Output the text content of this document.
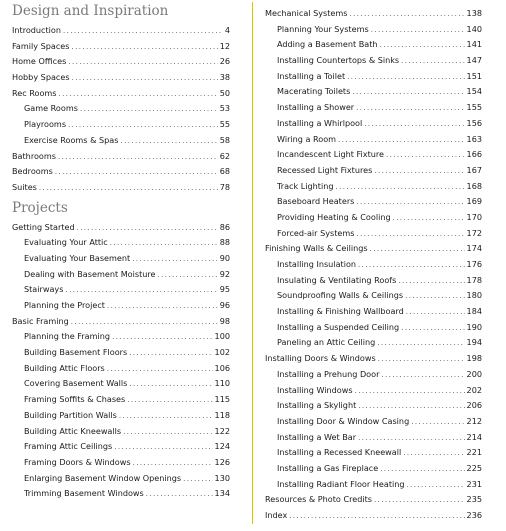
Design and Inspiration
Introduction .....	4
Family Spaces .....	12
Home Offices .....	26
Hobby Spaces .....	38
Rec Rooms .....	50
Game Rooms .....	53
Playrooms .....	55
Exercise Rooms & Spas .....	58
Bathrooms .....	62
Bedrooms .....	68
Suites .....	78
Projects
Getting Started .....	86
Evaluating Your Attic .....	88
Evaluating Your Basement .....	90
Dealing with Basement Moisture .....	92
Stairways .....	95
Planning the Project .....	96
Basic Framing .....	98
Planning the Framing .....	100
Building Basement Floors .....	102
Building Attic Floors .....	106
Covering Basement Walls .....	110
Framing Soffits & Chases .....	115
Building Partition Walls .....	118
Building Attic Kneewalls .....	122
Framing Attic Ceilings .....	124
Framing Doors & Windows .....	126
Enlarging Basement Window Openings .....	130
Trimming Basement Windows .....	134
Mechanical Systems .....	138
Planning Your Systems .....	140
Adding a Basement Bath .....	141
Installing Countertops & Sinks .....	147
Installing a Toilet .....	151
Macerating Toilets .....	154
Installing a Shower .....	155
Installing a Whirlpool .....	156
Wiring a Room .....	163
Incandescent Light Fixture .....	166
Recessed Light Fixtures .....	167
Track Lighting .....	168
Baseboard Heaters .....	169
Providing Heating & Cooling .....	170
Forced-air Systems .....	172
Finishing Walls & Ceilings .....	174
Installing Insulation .....	176
Insulating & Ventilating Roofs .....	178
Soundproofing Walls & Ceilings .....	180
Installing & Finishing Wallboard .....	184
Installing a Suspended Ceiling .....	190
Paneling an Attic Ceiling .....	194
Installing Doors & Windows .....	198
Installing a Prehung Door .....	200
Installing Windows .....	202
Installing a Skylight .....	206
Installing Door & Window Casing .....	212
Installing a Wet Bar .....	214
Installing a Recessed Kneewall .....	221
Installing a Gas Fireplace .....	225
Installing Radiant Floor Heating .....	231
Resources & Photo Credits .....	235
Index .....	236
